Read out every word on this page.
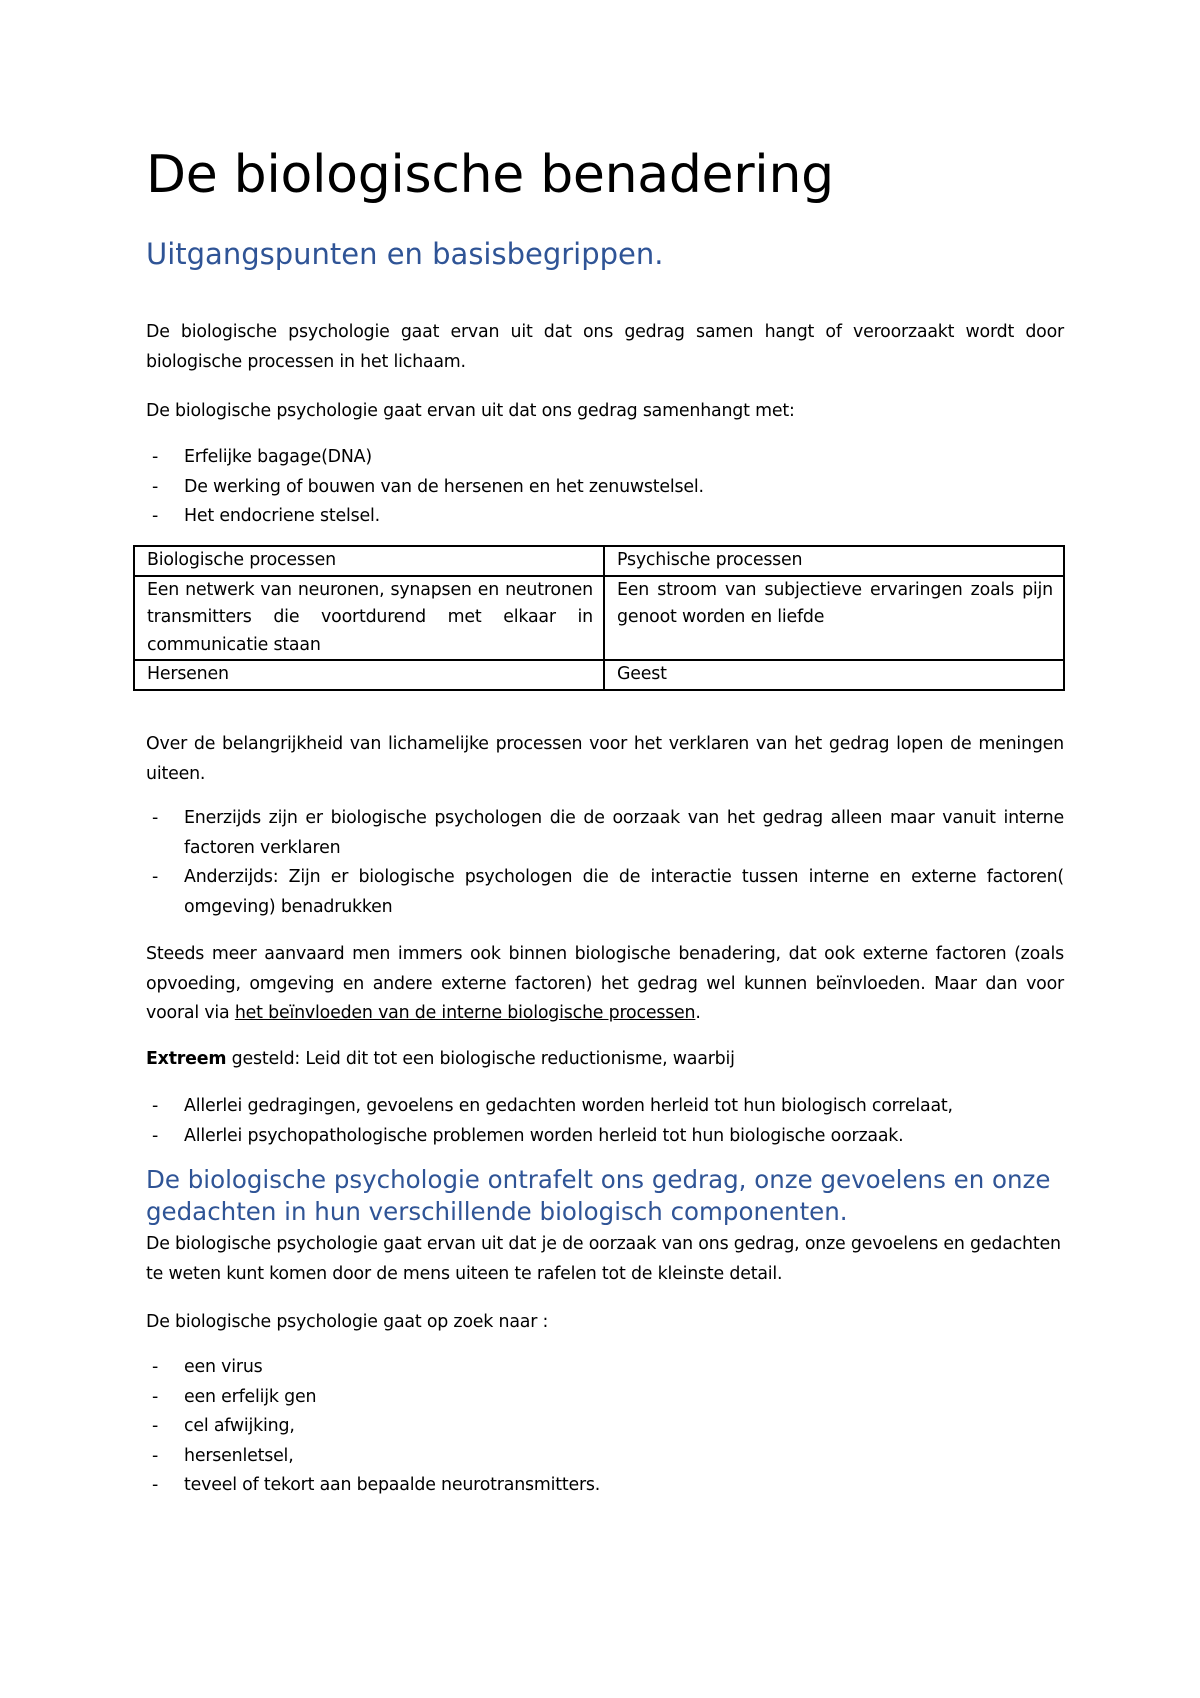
De biologische benadering
Uitgangspunten en basisbegrippen.

De biologische psychologie gaat ervan uit dat ons gedrag samen hangt of veroorzaakt wordt door biologische processen in het lichaam.

De biologische psychologie gaat ervan uit dat ons gedrag samenhangt met:

- Erfelijke bagage(DNA)
- De werking of bouwen van de hersenen en het zenuwstelsel.
- Het endocriene stelsel.
Biologische processen	Psychische processen
Een netwerk van neuronen, synapsen en neutronen transmitters die voortdurend met elkaar in communicatie staan	Een stroom van subjectieve ervaringen zoals pijn genoot worden en liefde
Hersenen	Geest

Over de belangrijkheid van lichamelijke processen voor het verklaren van het gedrag lopen de meningen uiteen.

- Enerzijds zijn er biologische psychologen die de oorzaak van het gedrag alleen maar vanuit interne factoren verklaren
- Anderzijds: Zijn er biologische psychologen die de interactie tussen interne en externe factoren( omgeving) benadrukken

Steeds meer aanvaard men immers ook binnen biologische benadering, dat ook externe factoren (zoals opvoeding, omgeving en andere externe factoren) het gedrag wel kunnen beïnvloeden. Maar dan voor vooral via het beïnvloeden van de interne biologische processen.

Extreem gesteld: Leid dit tot een biologische reductionisme, waarbij

- Allerlei gedragingen, gevoelens en gedachten worden herleid tot hun biologisch correlaat,
- Allerlei psychopathologische problemen worden herleid tot hun biologische oorzaak.
De biologische psychologie ontrafelt ons gedrag, onze gevoelens en onze gedachten in hun verschillende biologisch componenten.

De biologische psychologie gaat ervan uit dat je de oorzaak van ons gedrag, onze gevoelens en gedachten te weten kunt komen door de mens uiteen te rafelen tot de kleinste detail.

De biologische psychologie gaat op zoek naar :

- een virus
- een erfelijk gen
- cel afwijking,
- hersenletsel,
- teveel of tekort aan bepaalde neurotransmitters.
